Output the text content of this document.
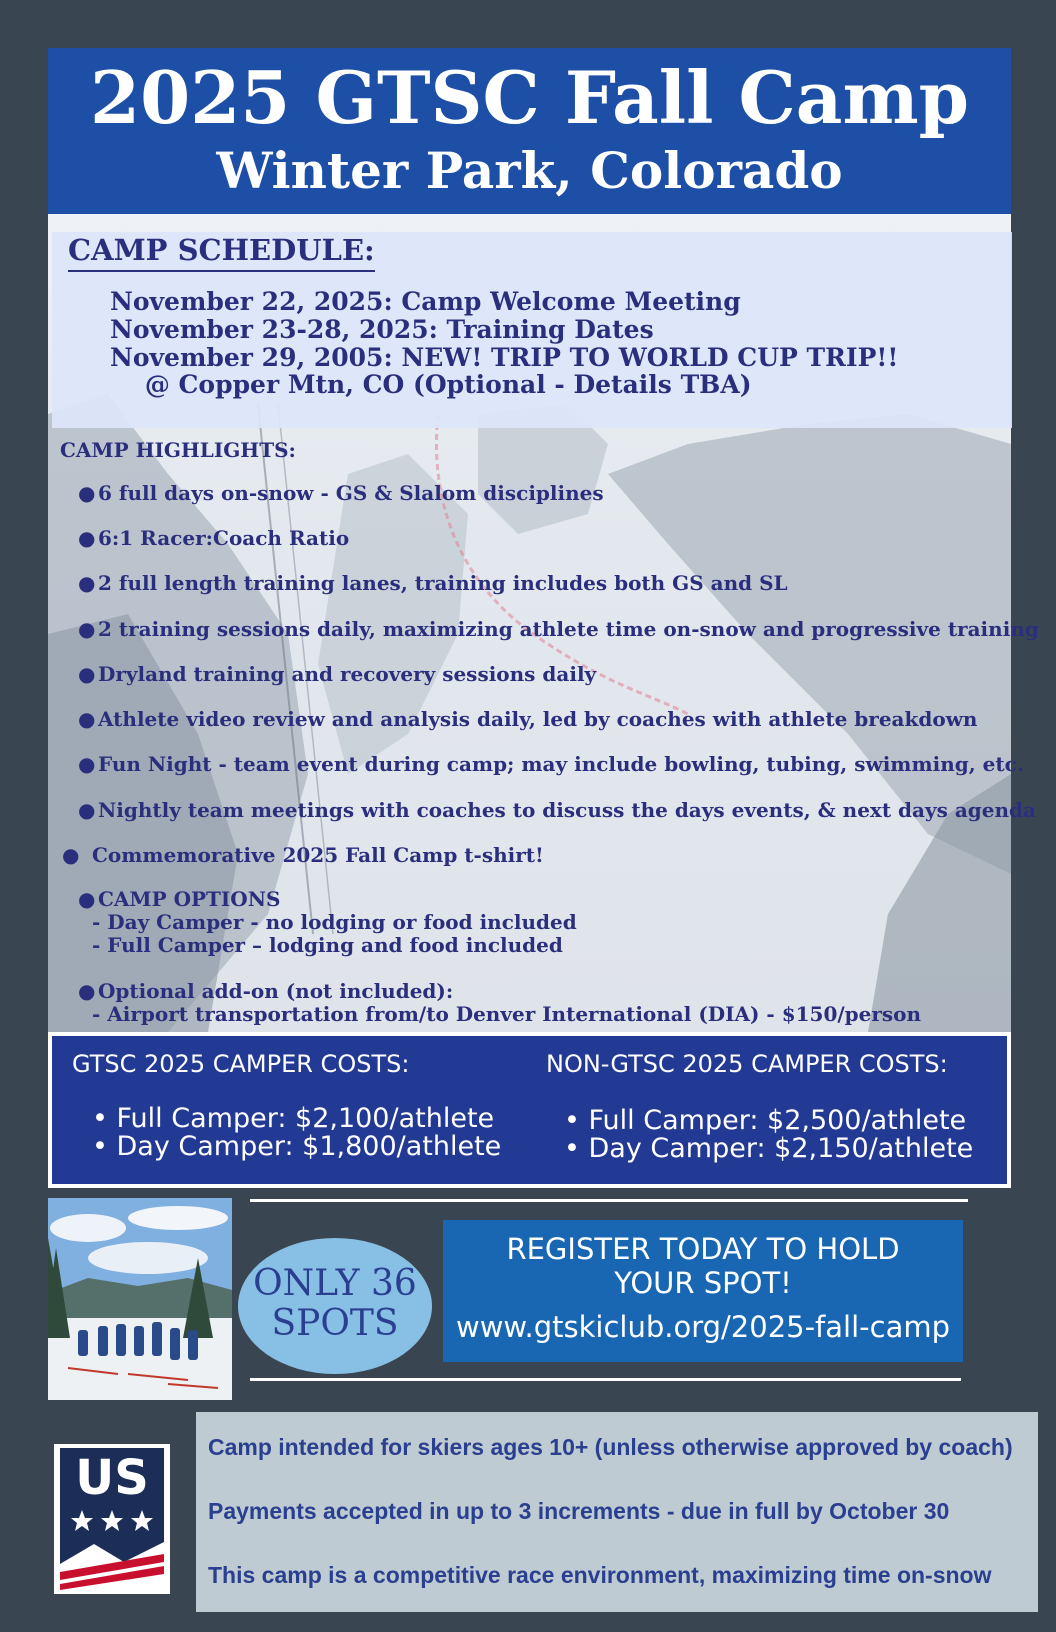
2025 GTSC Fall Camp
Winter Park, Colorado
CAMP SCHEDULE:
November 22, 2025: Camp Welcome Meeting
November 23-28, 2025: Training Dates
November 29, 2005: NEW! TRIP TO WORLD CUP TRIP!!
@ Copper Mtn, CO (Optional - Details TBA)
CAMP HIGHLIGHTS:
● 6 full days on-snow - GS & Slalom disciplines
● 6:1 Racer:Coach Ratio
● 2 full length training lanes, training includes both GS and SL
● 2 training sessions daily, maximizing athlete time on-snow and progressive training
● Dryland training and recovery sessions daily
● Athlete video review and analysis daily, led by coaches with athlete breakdown
● Fun Night - team event during camp; may include bowling, tubing, swimming, etc.
● Nightly team meetings with coaches to discuss the days events, & next days agenda
● Commemorative 2025 Fall Camp t-shirt!
● CAMP OPTIONS
- Day Camper - no lodging or food included
- Full Camper – lodging and food included
● Optional add-on (not included):
- Airport transportation from/to Denver International (DIA) - $150/person
GTSC 2025 CAMPER COSTS:
• Full Camper: $2,100/athlete
• Day Camper: $1,800/athlete
NON-GTSC 2025 CAMPER COSTS:
• Full Camper: $2,500/athlete
• Day Camper: $2,150/athlete
ONLY 36
SPOTS
REGISTER TODAY TO HOLD
YOUR SPOT!
www.gtskiclub.org/2025-fall-camp
US
Camp intended for skiers ages 10+ (unless otherwise approved by coach)
Payments accepted in up to 3 increments - due in full by October 30
This camp is a competitive race environment, maximizing time on-snow
